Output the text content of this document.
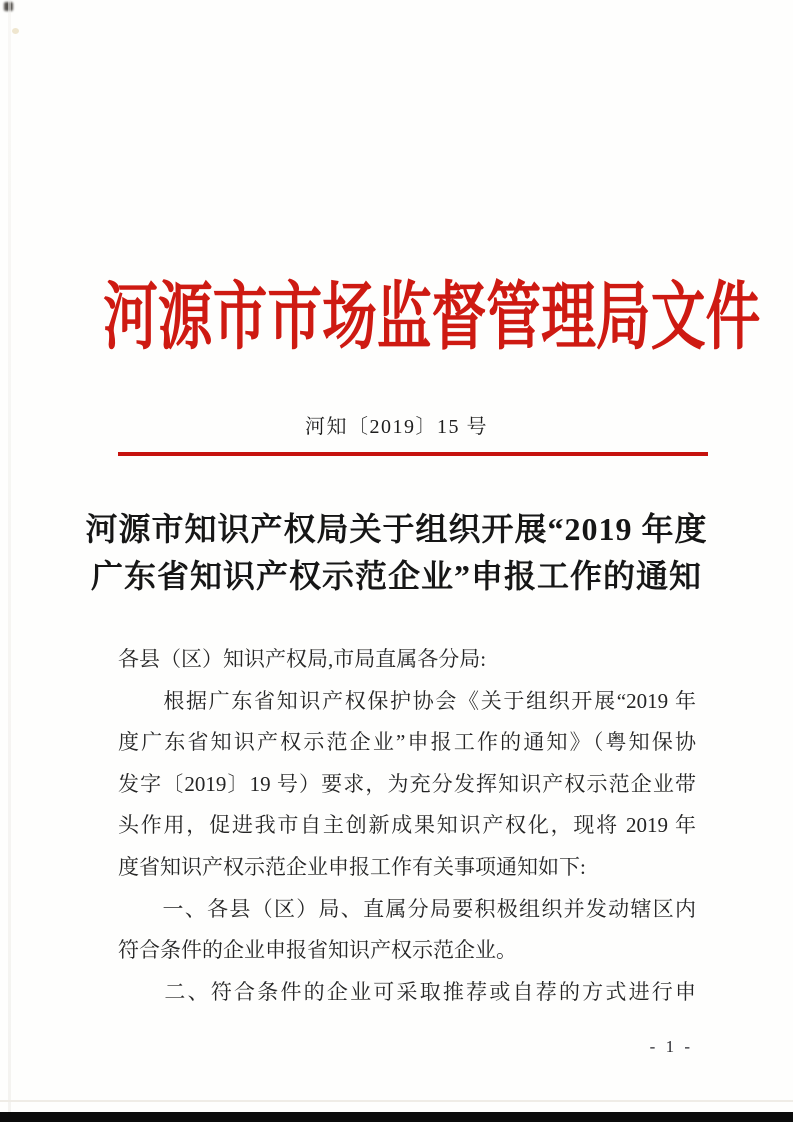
河源市市场监督管理局文件
河知〔2019〕15 号
河源市知识产权局关于组织开展“2019 年度
广东省知识产权示范企业”申报工作的通知
各县（区）知识产权局,市局直属各分局:
　　根据广东省知识产权保护协会《关于组织开展“2019 年
度广东省知识产权示范企业”申报工作的通知》（粤知保协
发字〔2019〕19 号）要求，为充分发挥知识产权示范企业带
头作用，促进我市自主创新成果知识产权化，现将 2019 年
度省知识产权示范企业申报工作有关事项通知如下:
　　一、各县（区）局、直属分局要积极组织并发动辖区内
符合条件的企业申报省知识产权示范企业。
　　二、符合条件的企业可采取推荐或自荐的方式进行申
- 1 -
